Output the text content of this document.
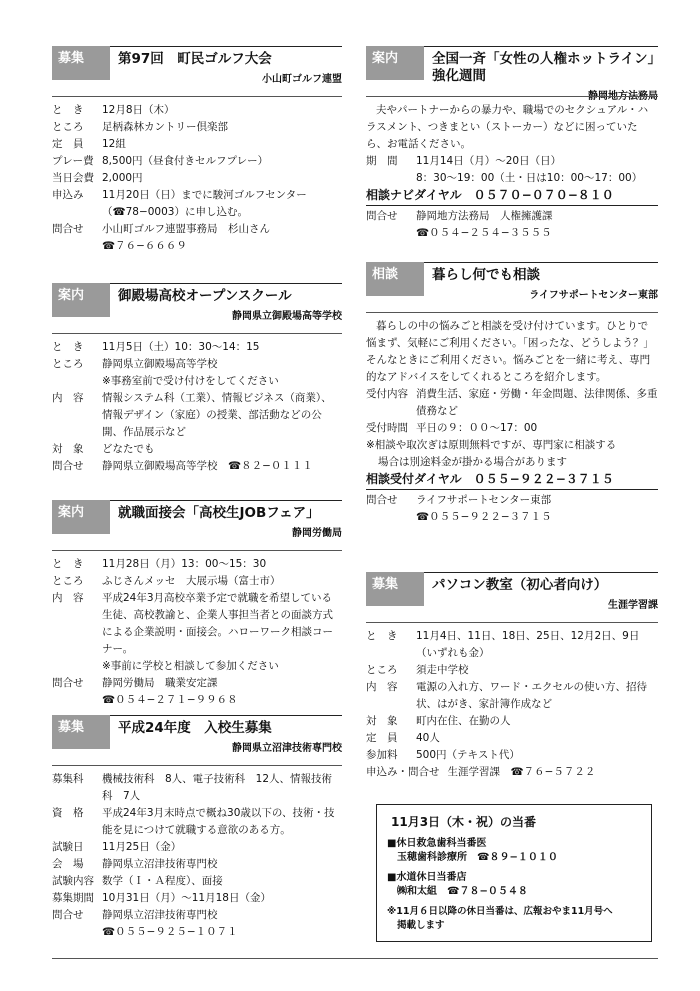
募集	第97回　町民ゴルフ大会
小山町ゴルフ連盟
と　き	12月8日（木）
ところ	足柄森林カントリー倶楽部
定　員	12組
プレー費 8,500円（昼食付きセルフプレー）
当日会費 2,000円
申込み	11月20日（日）までに駿河ゴルフセンター
（☎78−0003）に申し込む。
問合せ	小山町ゴルフ連盟事務局　杉山さん
☎７６−６６６９
案内	御殿場高校オープンスクール
静岡県立御殿場高等学校
と　き	11月5日（土）10：30〜14：15
ところ	静岡県立御殿場高等学校
※事務室前で受け付けをしてください
内　容	情報システム科（工業）、情報ビジネス（商業）、情報デザイン（家庭）の授業、部活動などの公開、作品展示など
対　象	どなたでも
問合せ	静岡県立御殿場高等学校　☎８２−０１１１
案内	就職面接会「高校生JOBフェア」
静岡労働局
と　き	11月28日（月）13：00〜15：30
ところ	ふじさんメッセ　大展示場（富士市）
内　容	平成24年3月高校卒業予定で就職を希望している生徒、高校教諭と、企業人事担当者との面談方式による企業説明・面接会。ハローワーク相談コーナー。
※事前に学校と相談して参加ください
問合せ	静岡労働局　職業安定課
☎０５４−２７１−９９６８
募集	平成24年度　入校生募集
静岡県立沼津技術専門校
募集科	機械技術科　8人、電子技術科　12人、情報技術科　7人
資　格	平成24年3月末時点で概ね30歳以下の、技術・技能を見につけて就職する意欲のある方。
試験日	11月25日（金）
会　場	静岡県立沼津技術専門校
試験内容 数学（Ｉ・Ａ程度）、面接
募集期間 10月31日（月）〜11月18日（金）
問合せ	静岡県立沼津技術専門校
☎０５５−９２５−１０７１
案内	全国一斉「女性の人権ホットライン」強化週間
静岡地方法務局
夫やパートナーからの暴力や、職場でのセクシュアル・ハラスメント、つきまとい（ストーカー）などに困っていたら、お電話ください。
期　間	11月14日（月）〜20日（日）
8：30〜19：00（土・日は10：00〜17：00）
相談ナビダイヤル　０５７０−０７０−８１０
問合せ	静岡地方法務局　人権擁護課
☎０５４−２５４−３５５５
相談	暮らし何でも相談
ライフサポートセンター東部
暮らしの中の悩みごと相談を受け付けています。ひとりで悩まず、気軽にご利用ください。「困ったな、どうしよう？」そんなときにご利用ください。悩みごとを一緒に考え、専門的なアドバイスをしてくれるところを紹介します。
受付内容 消費生活、家庭・労働・年金問題、法律関係、多重債務など
受付時間 平日の９：００〜17：00
※相談や取次ぎは原則無料ですが、専門家に相談する
場合は別途料金が掛かる場合があります
相談受付ダイヤル　０５５−９２２−３７１５
問合せ	ライフサポートセンター東部
☎０５５−９２２−３７１５
募集	パソコン教室（初心者向け）
生涯学習課
と　き	11月4日、11日、18日、25日、12月2日、9日（いずれも金）
ところ	須走中学校
内　容	電源の入れ方、ワード・エクセルの使い方、招待状、はがき、家計簿作成など
対　象	町内在住、在勤の人
定　員	40人
参加料	500円（テキスト代）
申込み・問合せ 生涯学習課　☎７６−５７２２
11月3日（木・祝）の当番
■休日救急歯科当番医
玉穂歯科診療所　☎８９−１０１０
■水道休日当番店
㈱和太組　☎７８−０５４８
※11月６日以降の休日当番は、広報おやま11月号へ
掲載します
